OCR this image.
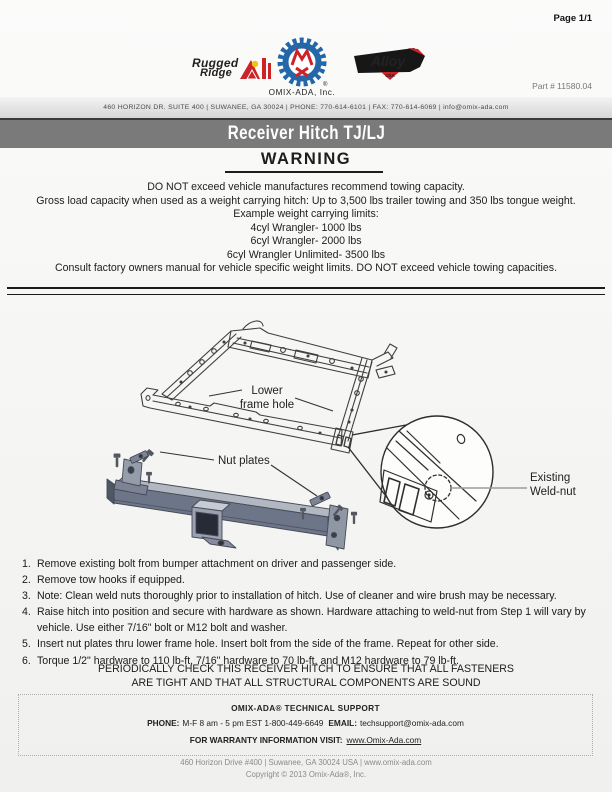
Page 1/1
Rugged
Ridge
®
OMIX-ADA, Inc.
Alloy
USA
Part # 11580.04
460 HORIZON DR. SUITE 400 | SUWANEE, GA 30024 | PHONE: 770-614-6101 | FAX: 770-614-6069 | info@omix-ada.com
Receiver Hitch TJ/LJ
WARNING
DO NOT exceed vehicle manufactures recommend towing capacity.
Gross load capacity when used as a weight carrying hitch: Up to 3,500 lbs trailer towing and 350 lbs tongue weight.
Example weight carrying limits:
4cyl Wrangler- 1000 lbs
6cyl Wrangler- 2000 lbs
6cyl Wrangler Unlimited- 3500 lbs
Consult factory owners manual for vehicle specific weight limits. DO NOT exceed vehicle towing capacities.
Lower
frame hole
Existing
Weld-nut
Nut plates
Remove existing bolt from bumper attachment on driver and passenger side.
Remove tow hooks if equipped.
Note: Clean weld nuts thoroughly prior to installation of hitch. Use of cleaner and wire brush may be necessary.
Raise hitch into position and secure with hardware as shown. Hardware attaching to weld-nut from Step 1 will vary by vehicle. Use either 7/16" bolt or M12 bolt and washer.
Insert nut plates thru lower frame hole. Insert bolt from the side of the frame. Repeat for other side.
Torque 1/2" hardware to 110 lb-ft, 7/16" hardware to 70 lb-ft, and M12 hardware to 79 lb-ft.
PERIODICALLY CHECK THIS RECEIVER HITCH TO ENSURE THAT ALL FASTENERS
ARE TIGHT AND THAT ALL STRUCTURAL COMPONENTS ARE SOUND
OMIX-ADA® TECHNICAL SUPPORT
PHONE: M-F 8 am - 5 pm EST 1-800-449-6649 EMAIL: techsupport@omix-ada.com
FOR WARRANTY INFORMATION VISIT: www.Omix-Ada.com
460 Horizon Drive #400 | Suwanee, GA 30024 USA | www.omix-ada.com
Copyright © 2013 Omix-Ada®, Inc.
